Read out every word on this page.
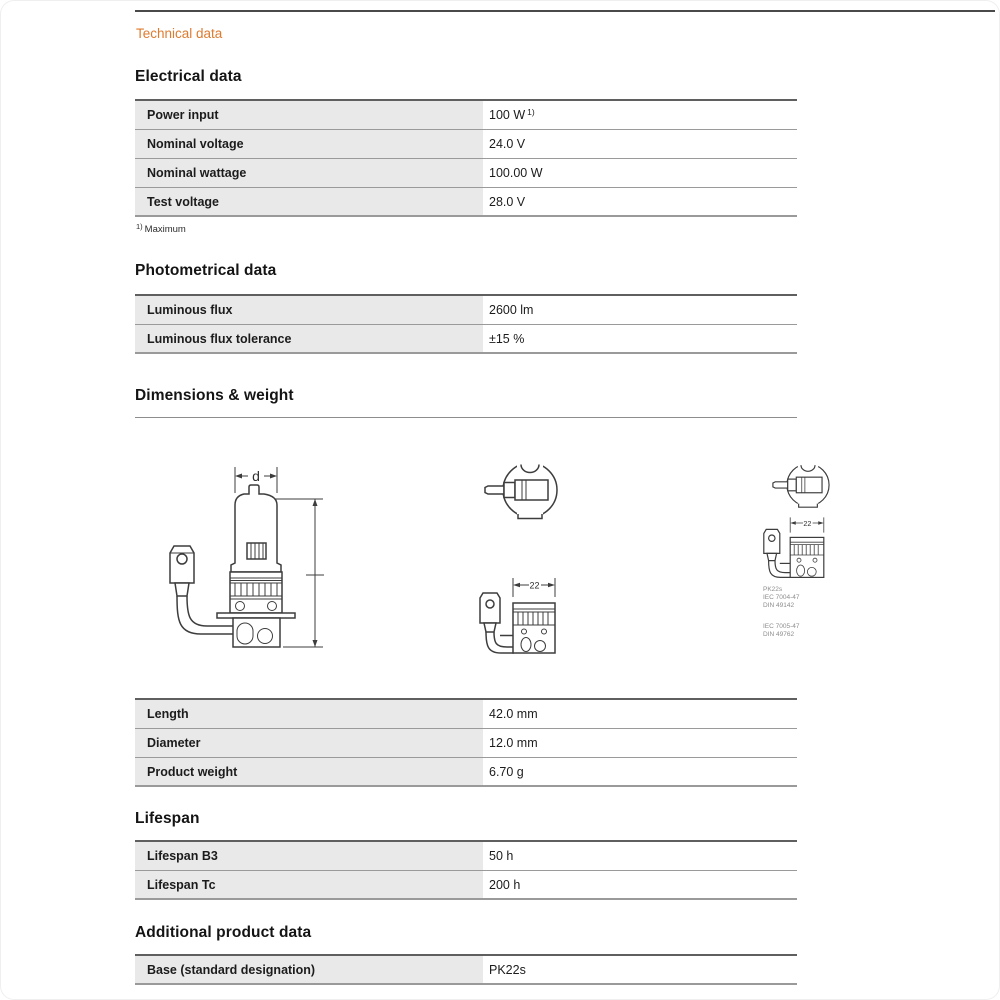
Technical data
Electrical data
Power input	100 W $^{1)}$
Nominal voltage	24.0 V
Nominal wattage	100.00 W
Test voltage	28.0 V
$^{1)}$ Maximum
Photometrical data
Luminous flux	2600 lm
Luminous flux tolerance	±15 %
Dimensions & weight
22
d
PK22s
IEC 7004-47
DIN 49142
IEC 7005-47
DIN 49762
Length	42.0 mm
Diameter	12.0 mm
Product weight	6.70 g
Lifespan
Lifespan B3	50 h
Lifespan Tc	200 h
Additional product data
Base (standard designation)	PK22s
